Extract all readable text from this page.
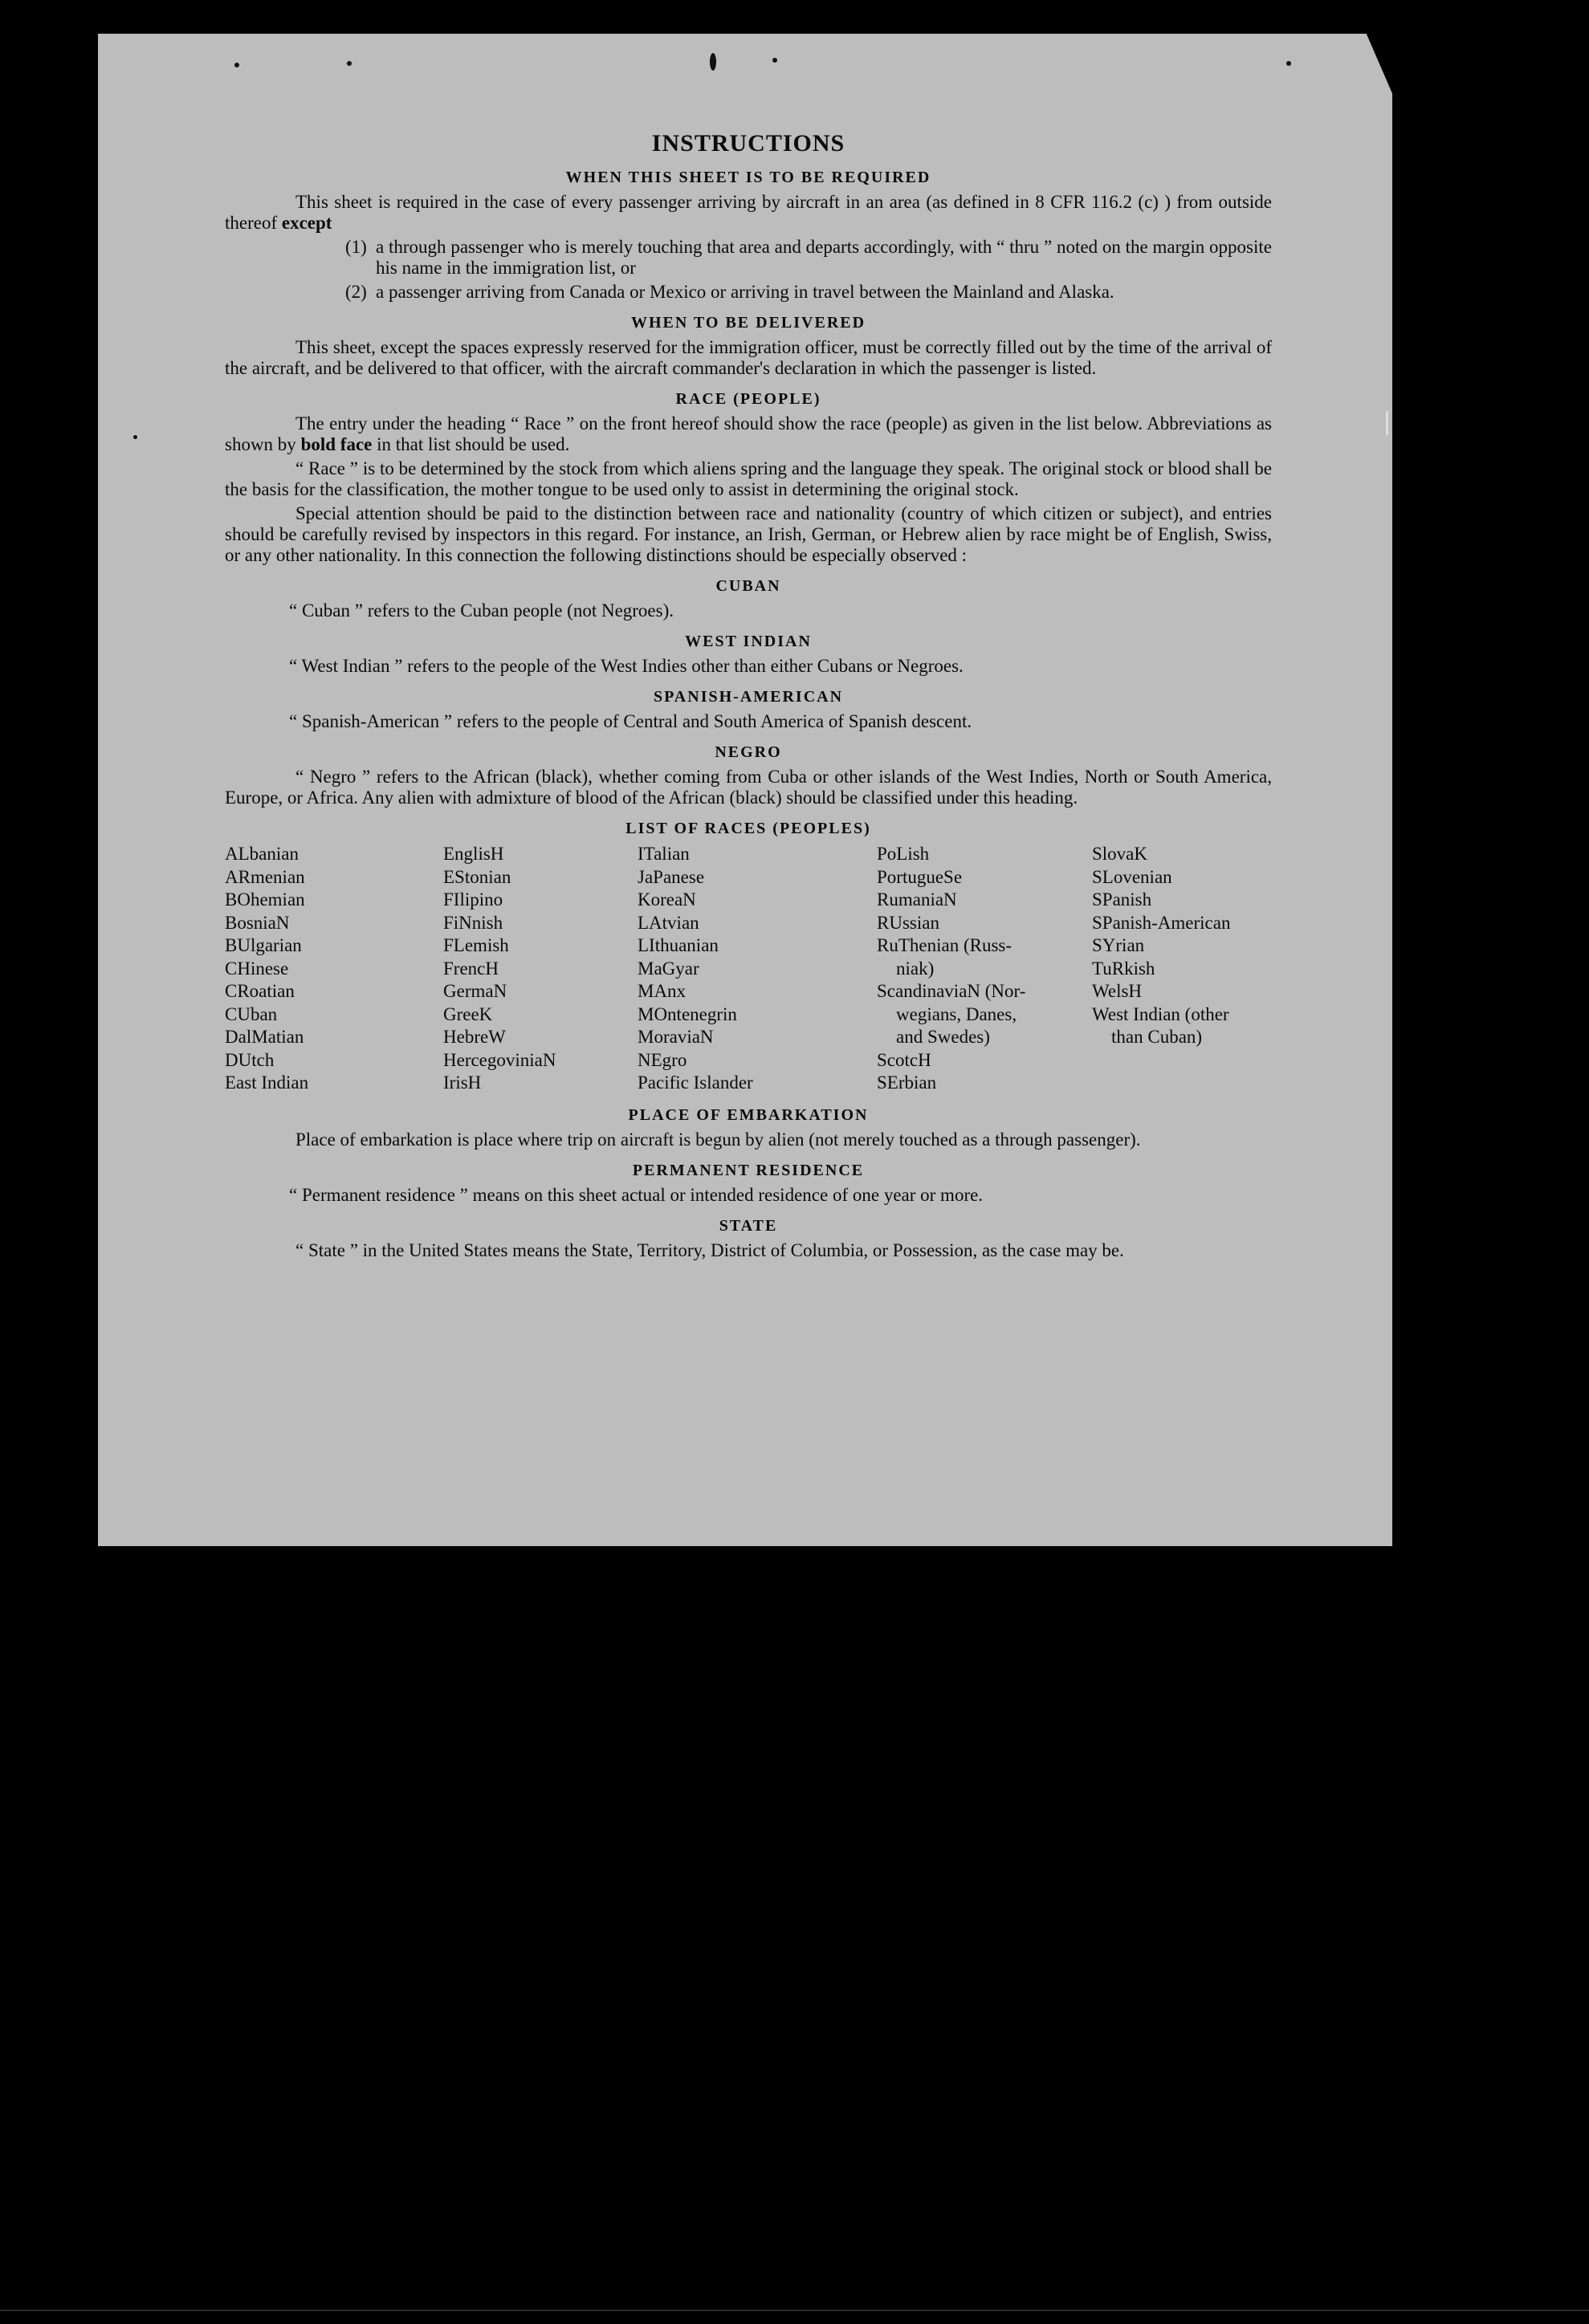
INSTRUCTIONS
WHEN THIS SHEET IS TO BE REQUIRED

This sheet is required in the case of every passenger arriving by aircraft in an area (as defined in 8 CFR 116.2 (c) ) from outside thereof except

(1) a through passenger who is merely touching that area and departs accordingly, with “ thru ” noted on the margin opposite his name in the immigration list, or
(2) a passenger arriving from Canada or Mexico or arriving in travel between the Mainland and Alaska.
WHEN TO BE DELIVERED

This sheet, except the spaces expressly reserved for the immigration officer, must be correctly filled out by the time of the arrival of the aircraft, and be delivered to that officer, with the aircraft commander's declaration in which the passenger is listed.

RACE (PEOPLE)

The entry under the heading “ Race ” on the front hereof should show the race (people) as given in the list below. Abbreviations as shown by bold face in that list should be used.

“ Race ” is to be determined by the stock from which aliens spring and the language they speak. The original stock or blood shall be the basis for the classification, the mother tongue to be used only to assist in determining the original stock.

Special attention should be paid to the distinction between race and nationality (country of which citizen or subject), and entries should be carefully revised by inspectors in this regard. For instance, an Irish, German, or Hebrew alien by race might be of English, Swiss, or any other nationality. In this connection the following distinctions should be especially observed :

CUBAN
“ Cuban ” refers to the Cuban people (not Negroes).
WEST INDIAN
“ West Indian ” refers to the people of the West Indies other than either Cubans or Negroes.
SPANISH-AMERICAN
“ Spanish-American ” refers to the people of Central and South America of Spanish descent.
NEGRO

“ Negro ” refers to the African (black), whether coming from Cuba or other islands of the West Indies, North or South America, Europe, or Africa. Any alien with admixture of blood of the African (black) should be classified under this heading.

LIST OF RACES (PEOPLES)
ALbanian
ARmenian
BOhemian
BosniaN
BUlgarian
CHinese
CRoatian
CUban
DalMatian
DUtch
East Indian
EnglisH
EStonian
FIlipino
FiNnish
FLemish
FrencH
GermaN
GreeK
HebreW
HercegoviniaN
IrisH
ITalian
JaPanese
KoreaN
LAtvian
LIthuanian
MaGyar
MAnx
MOntenegrin
MoraviaN
NEgro
Pacific Islander
PoLish
PortugueSe
RumaniaN
RUssian
RuThenian (Russ-
niak)
ScandinaviaN (Nor-
wegians, Danes,
and Swedes)
ScotcH
SErbian
SlovaK
SLovenian
SPanish
SPanish-American
SYrian
TuRkish
WelsH
West Indian (other
than Cuban)
PLACE OF EMBARKATION

Place of embarkation is place where trip on aircraft is begun by alien (not merely touched as a through passenger).

PERMANENT RESIDENCE
“ Permanent residence ” means on this sheet actual or intended residence of one year or more.
STATE

“ State ” in the United States means the State, Territory, District of Columbia, or Possession, as the case may be.
